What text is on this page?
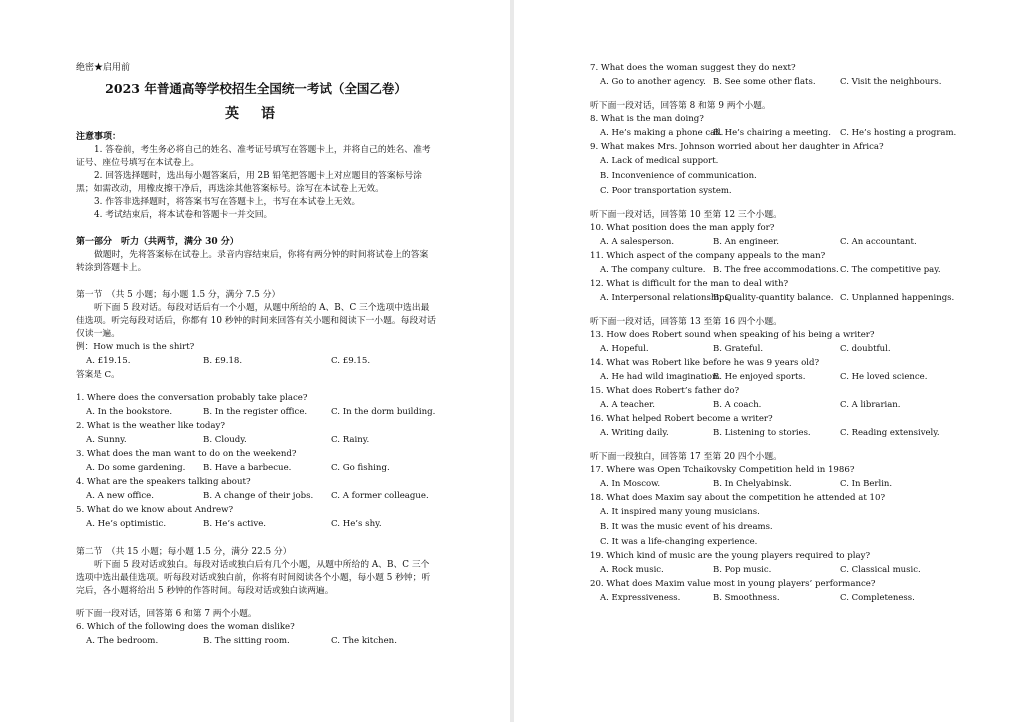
绝密★启用前

2023 年普通高等学校招生全国统一考试（全国乙卷）

英语

注意事项：

1. 答卷前，考生务必将自己的姓名、准考证号填写在答题卡上，并将自己的姓名、准考证号、座位号填写在本试卷上。

2. 回答选择题时，选出每小题答案后，用 2B 铅笔把答题卡上对应题目的答案标号涂黑；如需改动，用橡皮擦干净后，再选涂其他答案标号。涂写在本试卷上无效。

3. 作答非选择题时，将答案书写在答题卡上，书写在本试卷上无效。

4. 考试结束后，将本试卷和答题卡一并交回。

第一部分　听力（共两节，满分 30 分）

做题时，先将答案标在试卷上。录音内容结束后，你将有两分钟的时间将试卷上的答案转涂到答题卡上。

第一节　（共 5 小题；每小题 1.5 分，满分 7.5 分）

听下面 5 段对话。每段对话后有一个小题，从题中所给的 A、B、C 三个选项中选出最佳选项。听完每段对话后，你都有 10 秒钟的时间来回答有关小题和阅读下一小题。每段对话仅读一遍。

例：How much is the shirt?

A. £19.15.	B. £9.18.	C. £9.15.

答案是 C。

1. Where does the conversation probably take place?

A. In the bookstore.	B. In the register office.	C. In the dorm building.

2. What is the weather like today?

A. Sunny.	B. Cloudy.	C. Rainy.

3. What does the man want to do on the weekend?

A. Do some gardening.	B. Have a barbecue.	C. Go fishing.

4. What are the speakers talking about?

A. A new office.	B. A change of their jobs.	C. A former colleague.

5. What do we know about Andrew?

A. He’s optimistic.	B. He’s active.	C. He’s shy.

第二节　（共 15 小题；每小题 1.5 分，满分 22.5 分）

听下面 5 段对话或独白。每段对话或独白后有几个小题，从题中所给的 A、B、C 三个选项中选出最佳选项。听每段对话或独白前，你将有时间阅读各个小题，每小题 5 秒钟；听完后，各小题将给出 5 秒钟的作答时间。每段对话或独白读两遍。

听下面一段对话，回答第 6 和第 7 两个小题。

6. Which of the following does the woman dislike?

A. The bedroom.	B. The sitting room.	C. The kitchen.

7. What does the woman suggest they do next?

A. Go to another agency. B. See some other flats.	C. Visit the neighbours.

听下面一段对话，回答第 8 和第 9 两个小题。

8. What is the man doing?

A. He’s making a phone call.
B. He’s chairing a meeting.	C. He’s hosting a program.

9. What makes Mrs. Johnson worried about her daughter in Africa?

A. Lack of medical support.
B. Inconvenience of communication.
C. Poor transportation system.

听下面一段对话，回答第 10 至第 12 三个小题。

10. What position does the man apply for?

A. A salesperson.	B. An engineer.	C. An accountant.

11. Which aspect of the company appeals to the man?

A. The company culture. B. The free accommodations. C. The competitive pay.

12. What is difficult for the man to deal with?

A. Interpersonal relationships.
B. Quality-quantity balance. C. Unplanned happenings.

听下面一段对话，回答第 13 至第 16 四个小题。

13. How does Robert sound when speaking of his being a writer?

A. Hopeful.	B. Grateful.	C. doubtful.

14. What was Robert like before he was 9 years old?

A. He had wild imagination.
B. He enjoyed sports.	C. He loved science.

15. What does Robert’s father do?

A. A teacher.	B. A coach.	C. A librarian.

16. What helped Robert become a writer?

A. Writing daily.	B. Listening to stories.	C. Reading extensively.

听下面一段独白，回答第 17 至第 20 四个小题。

17. Where was Open Tchaikovsky Competition held in 1986?

A. In Moscow.	B. In Chelyabinsk.	C. In Berlin.

18. What does Maxim say about the competition he attended at 10?

A. It inspired many young musicians.
B. It was the music event of his dreams.
C. It was a life-changing experience.

19. Which kind of music are the young players required to play?

A. Rock music.	B. Pop music.	C. Classical music.

20. What does Maxim value most in young players’ performance?

A. Expressiveness.	B. Smoothness.	C. Completeness.
